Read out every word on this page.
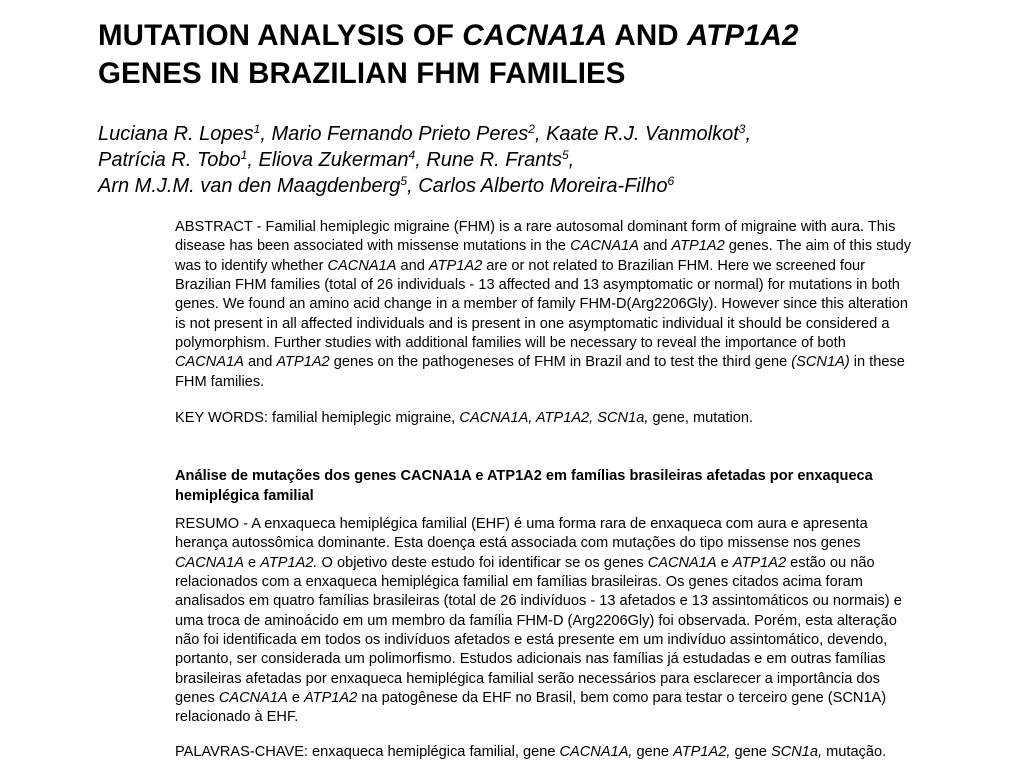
MUTATION ANALYSIS OF CACNA1A AND ATP1A2
GENES IN BRAZILIAN FHM FAMILIES

Luciana R. Lopes$^1$, Mario Fernando Prieto Peres$^2$, Kaate R.J. Vanmolkot$^3$,
Patrícia R. Tobo$^1$, Eliova Zukerman$^4$, Rune R. Frants$^5$,
Arn M.J.M. van den Maagdenberg$^5$, Carlos Alberto Moreira-Filho$^6$

ABSTRACT - Familial hemiplegic migraine (FHM) is a rare autosomal dominant form of migraine with aura. This disease has been associated with missense mutations in the CACNA1A and ATP1A2 genes. The aim of this study was to identify whether CACNA1A and ATP1A2 are or not related to Brazilian FHM. Here we screened four Brazilian FHM families (total of 26 individuals - 13 affected and 13 asymptomatic or normal) for mutations in both genes. We found an amino acid change in a member of family FHM-D(Arg2206Gly). However since this alteration is not present in all affected individuals and is present in one asymptomatic individual it should be considered a polymorphism. Further studies with additional families will be necessary to reveal the importance of both CACNA1A and ATP1A2 genes on the pathogeneses of FHM in Brazil and to test the third gene (SCN1A) in these FHM families.

KEY WORDS: familial hemiplegic migraine, CACNA1A, ATP1A2, SCN1a, gene, mutation.

Análise de mutações dos genes CACNA1A e ATP1A2 em famílias brasileiras afetadas por enxaqueca hemiplégica familial

RESUMO - A enxaqueca hemiplégica familial (EHF) é uma forma rara de enxaqueca com aura e apresenta herança autossômica dominante. Esta doença está associada com mutações do tipo missense nos genes CACNA1A e ATP1A2. O objetivo deste estudo foi identificar se os genes CACNA1A e ATP1A2 estão ou não relacionados com a enxaqueca hemiplégica familial em famílias brasileiras. Os genes citados acima foram analisados em quatro famílias brasileiras (total de 26 indivíduos - 13 afetados e 13 assintomáticos ou normais) e uma troca de aminoácido em um membro da família FHM-D (Arg2206Gly) foi observada. Porém, esta alteração não foi identificada em todos os indivíduos afetados e está presente em um indivíduo assintomático, devendo, portanto, ser considerada um polimorfismo. Estudos adicionais nas famílias já estudadas e em outras famílias brasileiras afetadas por enxaqueca hemiplégica familial serão necessários para esclarecer a importância dos genes CACNA1A e ATP1A2 na patogênese da EHF no Brasil, bem como para testar o terceiro gene (SCN1A) relacionado à EHF.

PALAVRAS-CHAVE: enxaqueca hemiplégica familial, gene CACNA1A, gene ATP1A2, gene SCN1a, mutação.
